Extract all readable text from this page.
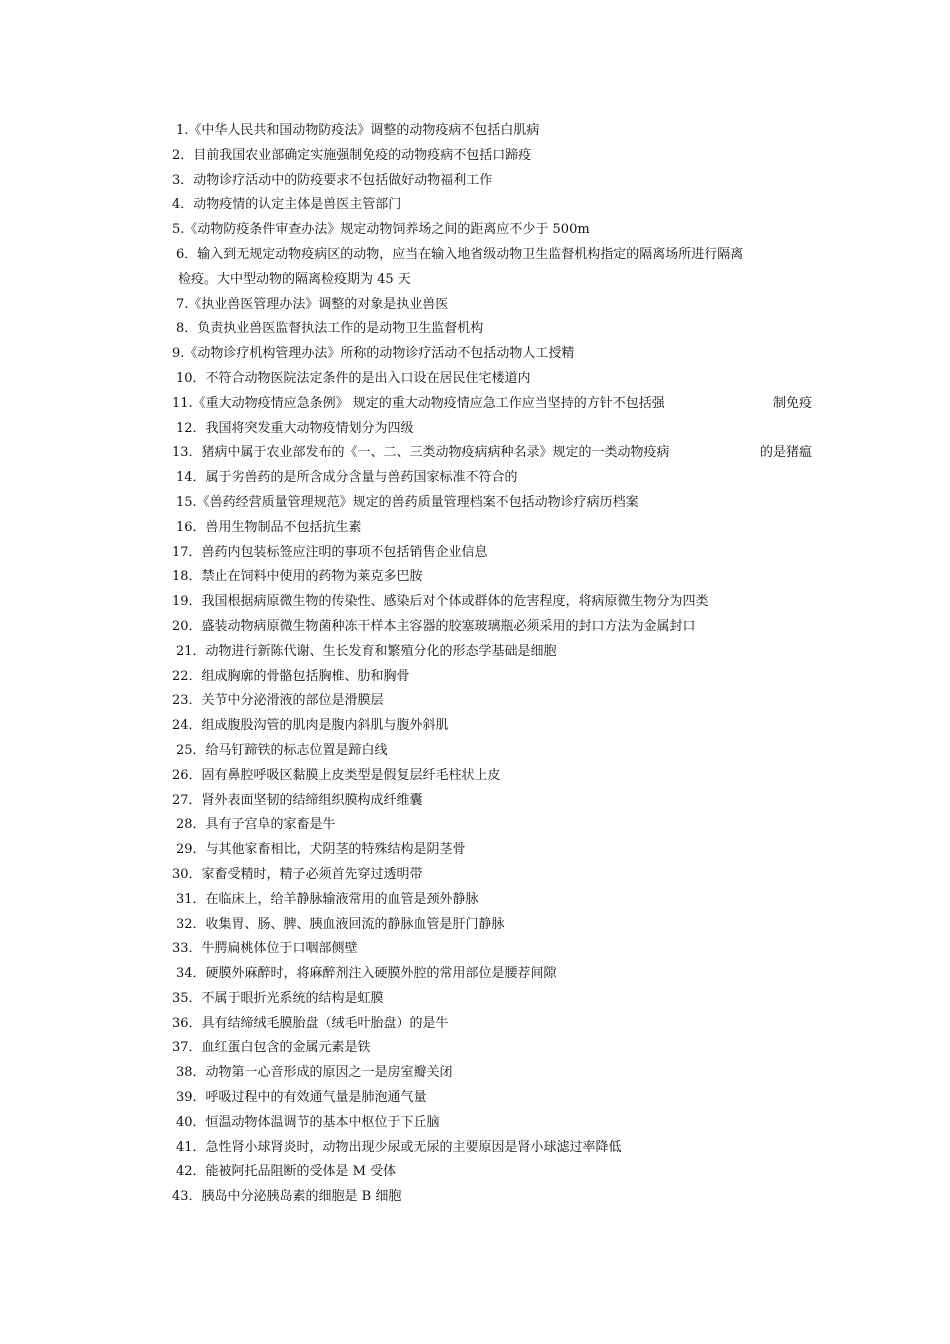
1.《中华人民共和国动物防疫法》调整的动物疫病不包括白肌病
2．目前我国农业部确定实施强制免疫的动物疫病不包括口蹄疫
3．动物诊疗活动中的防疫要求不包括做好动物福利工作
4．动物疫情的认定主体是兽医主管部门
5.《动物防疫条件审查办法》规定动物饲养场之间的距离应不少于 500m
6．输入到无规定动物疫病区的动物，应当在输入地省级动物卫生监督机构指定的隔离场所进行隔离
检疫。大中型动物的隔离检疫期为 45 天
7.《执业兽医管理办法》调整的对象是执业兽医
8．负责执业兽医监督执法工作的是动物卫生监督机构
9.《动物诊疗机构管理办法》所称的动物诊疗活动不包括动物人工授精
10．不符合动物医院法定条件的是出入口设在居民住宅楼道内
11.《重大动物疫情应急条例》 规定的重大动物疫情应急工作应当坚持的方针不包括强	制免疫
12．我国将突发重大动物疫情划分为四级
13．猪病中属于农业部发布的《一、二、三类动物疫病病种名录》规定的一类动物疫病	的是猪瘟
14．属于劣兽药的是所含成分含量与兽药国家标准不符合的
15.《兽药经营质量管理规范》规定的兽药质量管理档案不包括动物诊疗病历档案
16．兽用生物制品不包括抗生素
17．兽药内包装标签应注明的事项不包括销售企业信息
18．禁止在饲料中使用的药物为莱克多巴胺
19．我国根据病原微生物的传染性、感染后对个体或群体的危害程度，将病原微生物分为四类
20．盛装动物病原微生物菌种冻干样本主容器的胶塞玻璃瓶必须采用的封口方法为金属封口
21．动物进行新陈代谢、生长发育和繁殖分化的形态学基础是细胞
22．组成胸廓的骨骼包括胸椎、肋和胸骨
23．关节中分泌滑液的部位是滑膜层
24．组成腹股沟管的肌肉是腹内斜肌与腹外斜肌
25．给马钉蹄铁的标志位置是蹄白线
26．固有鼻腔呼吸区黏膜上皮类型是假复层纤毛柱状上皮
27．肾外表面坚韧的结缔组织膜构成纤维囊
28．具有子宫阜的家畜是牛
29．与其他家畜相比，犬阴茎的特殊结构是阴茎骨
30．家畜受精时，精子必须首先穿过透明带
31．在临床上，给羊静脉输液常用的血管是颈外静脉
32．收集胃、肠、脾、胰血液回流的静脉血管是肝门静脉
33．牛腭扁桃体位于口咽部侧壁
34．硬膜外麻醉时，将麻醉剂注入硬膜外腔的常用部位是腰荐间隙
35．不属于眼折光系统的结构是虹膜
36．具有结缔绒毛膜胎盘（绒毛叶胎盘）的是牛
37．血红蛋白包含的金属元素是铁
38．动物第一心音形成的原因之一是房室瓣关闭
39．呼吸过程中的有效通气量是肺泡通气量
40．恒温动物体温调节的基本中枢位于下丘脑
41．急性肾小球肾炎时，动物出现少尿或无尿的主要原因是肾小球滤过率降低
42．能被阿托品阻断的受体是 M 受体
43．胰岛中分泌胰岛素的细胞是 B 细胞
